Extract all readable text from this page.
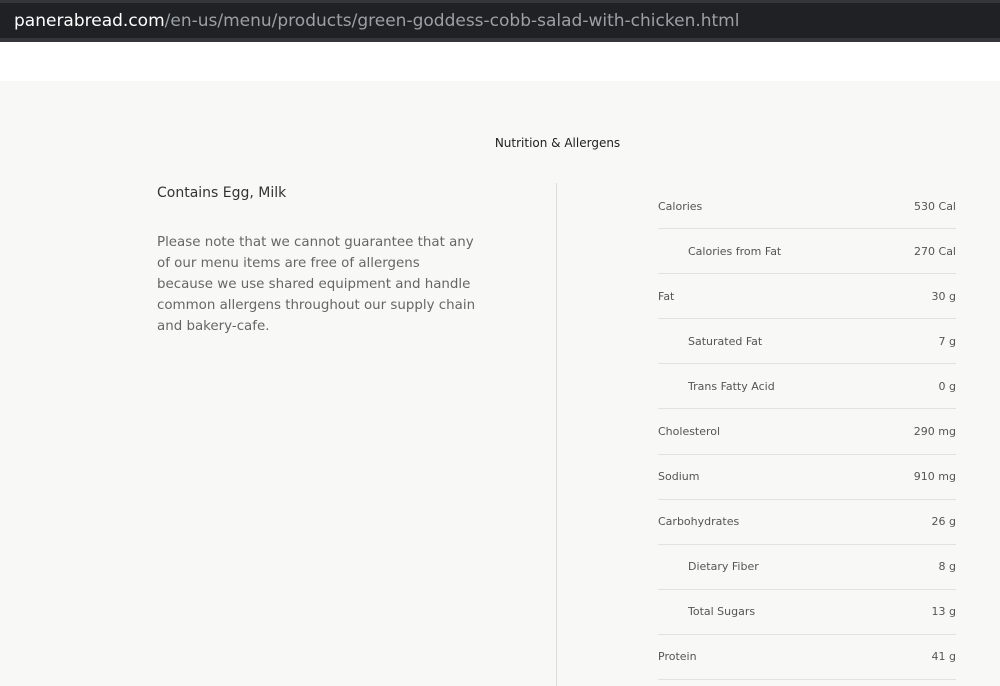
panerabread.com /en-us/menu/products/green-goddess-cobb-salad-with-chicken.html
Nutrition & Allergens
Contains Egg, Milk
Please note that we cannot guarantee that any of our menu items are free of allergens because we use shared equipment and handle common allergens throughout our supply chain and bakery-cafe.
Calories	530 Cal
Calories from Fat	270 Cal
Fat	30 g
Saturated Fat	7 g
Trans Fatty Acid	0 g
Cholesterol	290 mg
Sodium	910 mg
Carbohydrates	26 g
Dietary Fiber	8 g
Total Sugars	13 g
Protein	41 g
